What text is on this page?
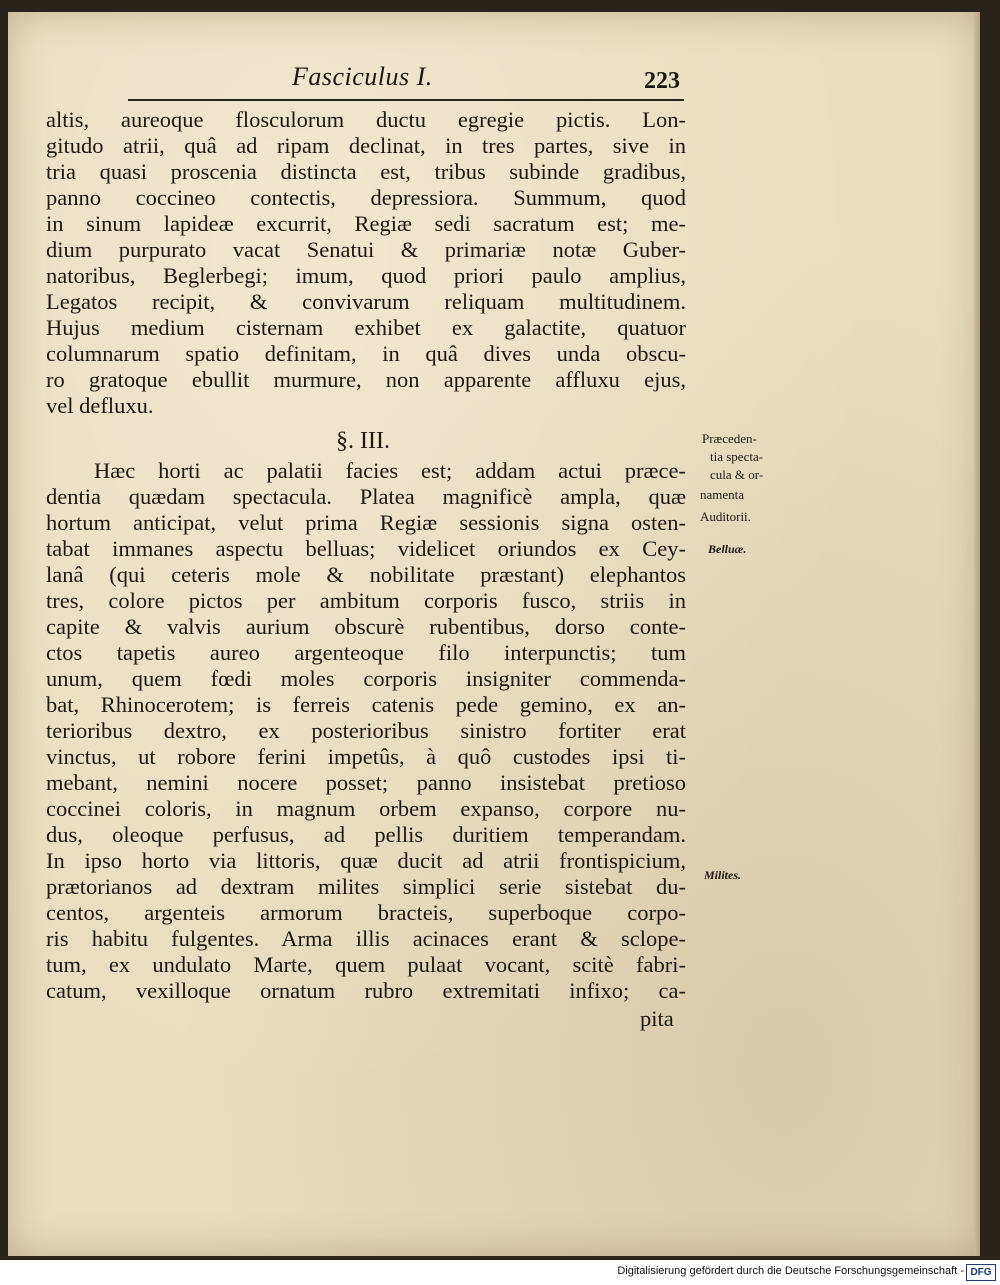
Fasciculus I.	223
altis, aureoque flosculorum ductu egregie pictis. Lon-
gitudo atrii, quâ ad ripam declinat, in tres partes, sive in
tria quasi proscenia distincta est, tribus subinde gradibus,
panno coccineo contectis, depressiora. Summum, quod
in sinum lapideæ excurrit, Regiæ sedi sacratum est; me-
dium purpurato vacat Senatui & primariæ notæ Guber-
natoribus, Beglerbegi; imum, quod priori paulo amplius,
Legatos recipit, & convivarum reliquam multitudinem.
Hujus medium cisternam exhibet ex galactite, quatuor
columnarum spatio definitam, in quâ dives unda obscu-
ro gratoque ebullit murmure, non apparente affluxu ejus,
vel defluxu.
§. III.
Hæc horti ac palatii facies est; addam actui præce-
dentia quædam spectacula. Platea magnificè ampla, quæ
hortum anticipat, velut prima Regiæ sessionis signa osten-
tabat immanes aspectu belluas; videlicet oriundos ex Cey-
lanâ (qui ceteris mole & nobilitate præstant) elephantos
tres, colore pictos per ambitum corporis fusco, striis in
capite & valvis aurium obscurè rubentibus, dorso conte-
ctos tapetis aureo argenteoque filo interpunctis; tum
unum, quem fœdi moles corporis insigniter commenda-
bat, Rhinocerotem; is ferreis catenis pede gemino, ex an-
terioribus dextro, ex posterioribus sinistro fortiter erat
vinctus, ut robore ferini impetûs, à quô custodes ipsi ti-
mebant, nemini nocere posset; panno insistebat pretioso
coccinei coloris, in magnum orbem expanso, corpore nu-
dus, oleoque perfusus, ad pellis duritiem temperandam.
In ipso horto via littoris, quæ ducit ad atrii frontispicium,
prætorianos ad dextram milites simplici serie sistebat du-
centos, argenteis armorum bracteis, superboque corpo-
ris habitu fulgentes. Arma illis acinaces erant & sclope-
tum, ex undulato Marte, quem pulaat vocant, scitè fabri-
catum, vexilloque ornatum rubro extremitati infixo; ca-
pita
Præceden-
tia specta-
cula & or-
namenta
Auditorii.
Belluæ.
Milites.
Digitalisierung gefördert durch die Deutsche Forschungsgemeinschaft - DFG
